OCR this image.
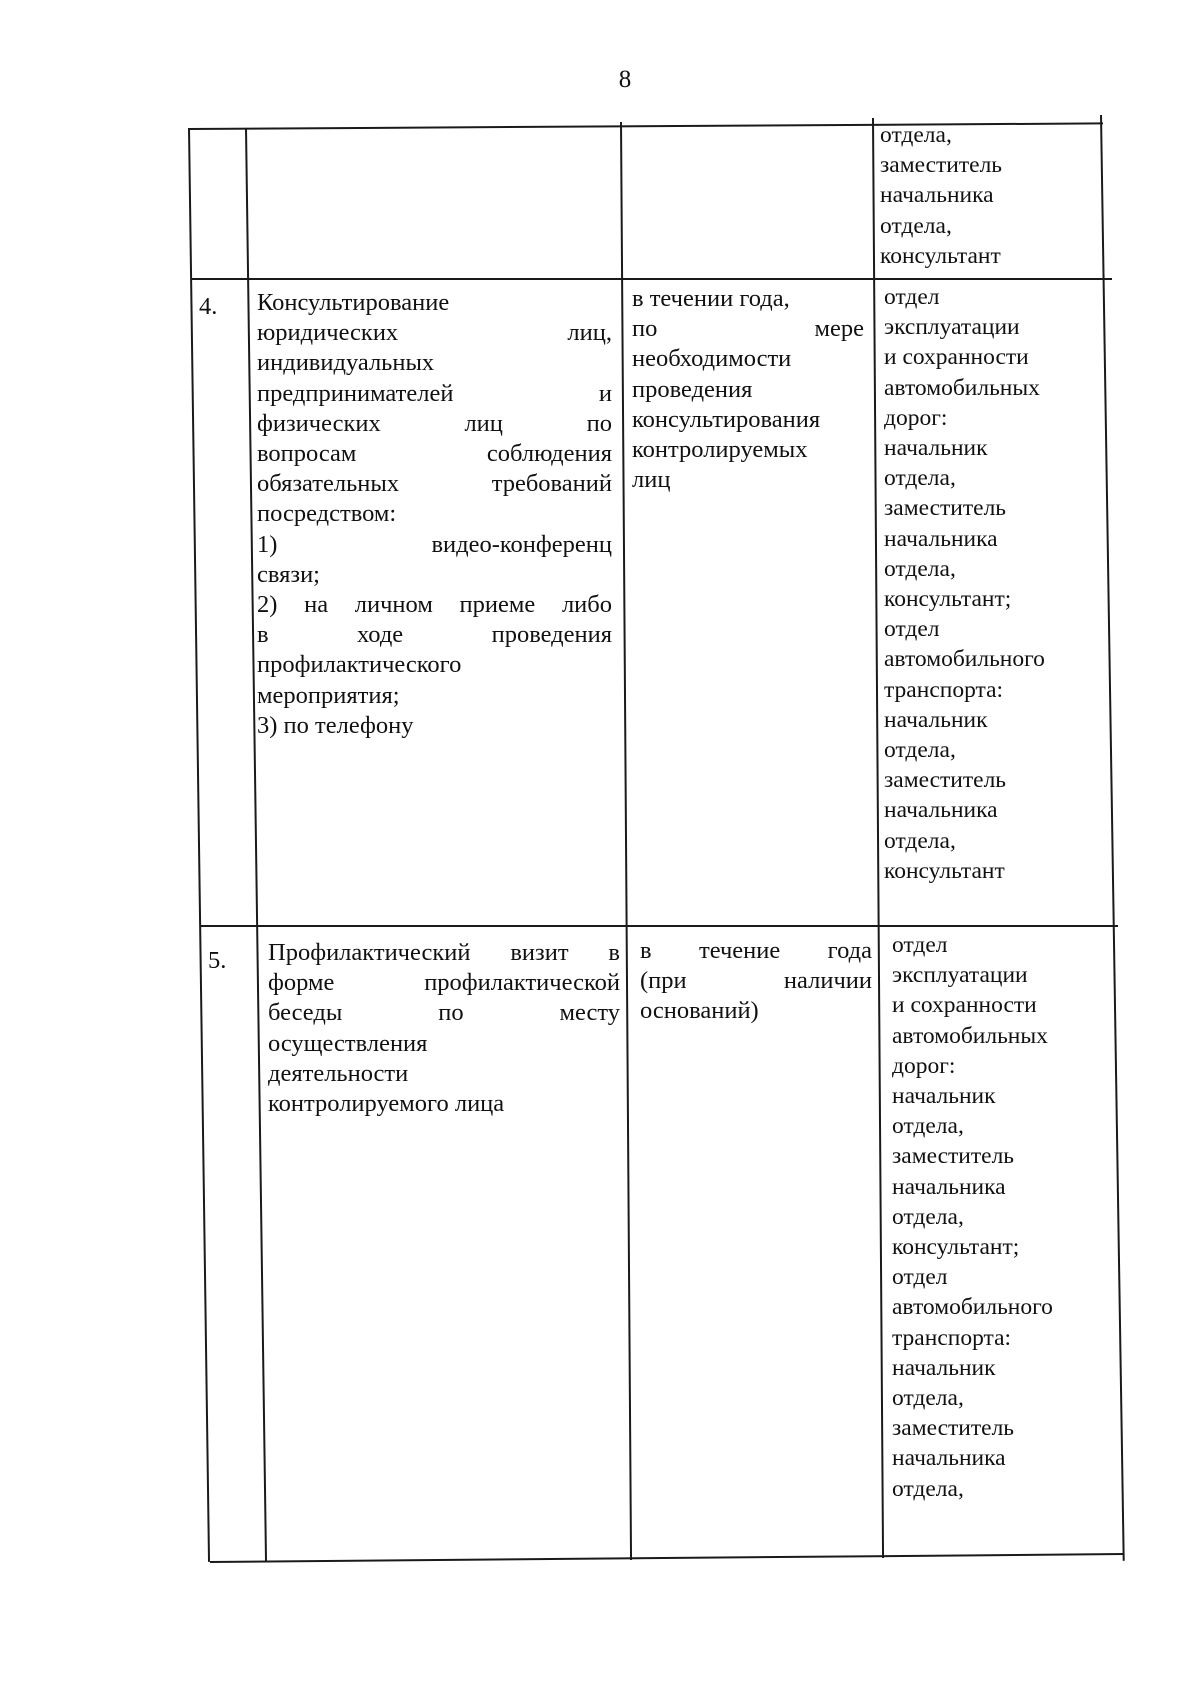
8
отдела,
заместитель
начальника
отдела,
консультант
4. Консультирование
юридических лиц,
индивидуальных
предпринимателей и
физических лиц по
вопросам соблюдения
обязательных требований
посредством:
1) видео-конференц
связи;
2) на личном приеме либо
в ходе проведения
профилактического
мероприятия;
3) по телефону
в течении года,
по мере
необходимости
проведения
консультирования
контролируемых
лиц
отдел
эксплуатации
и сохранности
автомобильных
дорог:
начальник
отдела,
заместитель
начальника
отдела,
консультант;
отдел
автомобильного
транспорта:
начальник
отдела,
заместитель
начальника
отдела,
консультант
5. Профилактический визит в
форме профилактической
беседы по месту
осуществления
деятельности
контролируемого лица
в течение года
(при наличии
оснований)
отдел
эксплуатации
и сохранности
автомобильных
дорог:
начальник
отдела,
заместитель
начальника
отдела,
консультант;
отдел
автомобильного
транспорта:
начальник
отдела,
заместитель
начальника
отдела,
